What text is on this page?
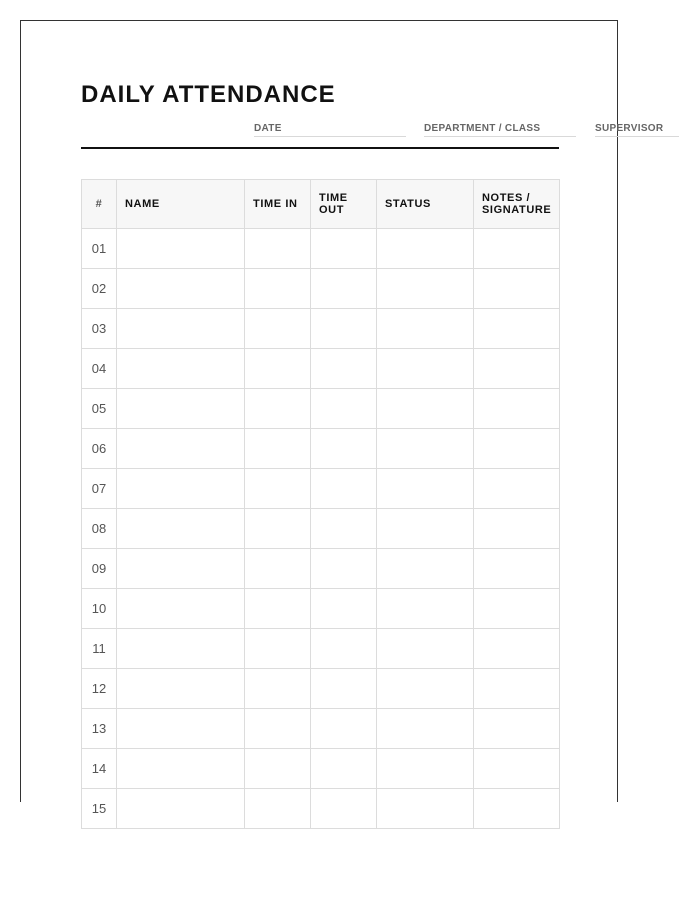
DAILY ATTENDANCE
DATE	DEPARTMENT / CLASS	SUPERVISOR
#	NAME	TIME IN	TIME OUT	STATUS	NOTES / SIGNATURE
01					
02					
03					
04					
05					
06					
07					
08					
09					
10					
11					
12					
13					
14					
15					
